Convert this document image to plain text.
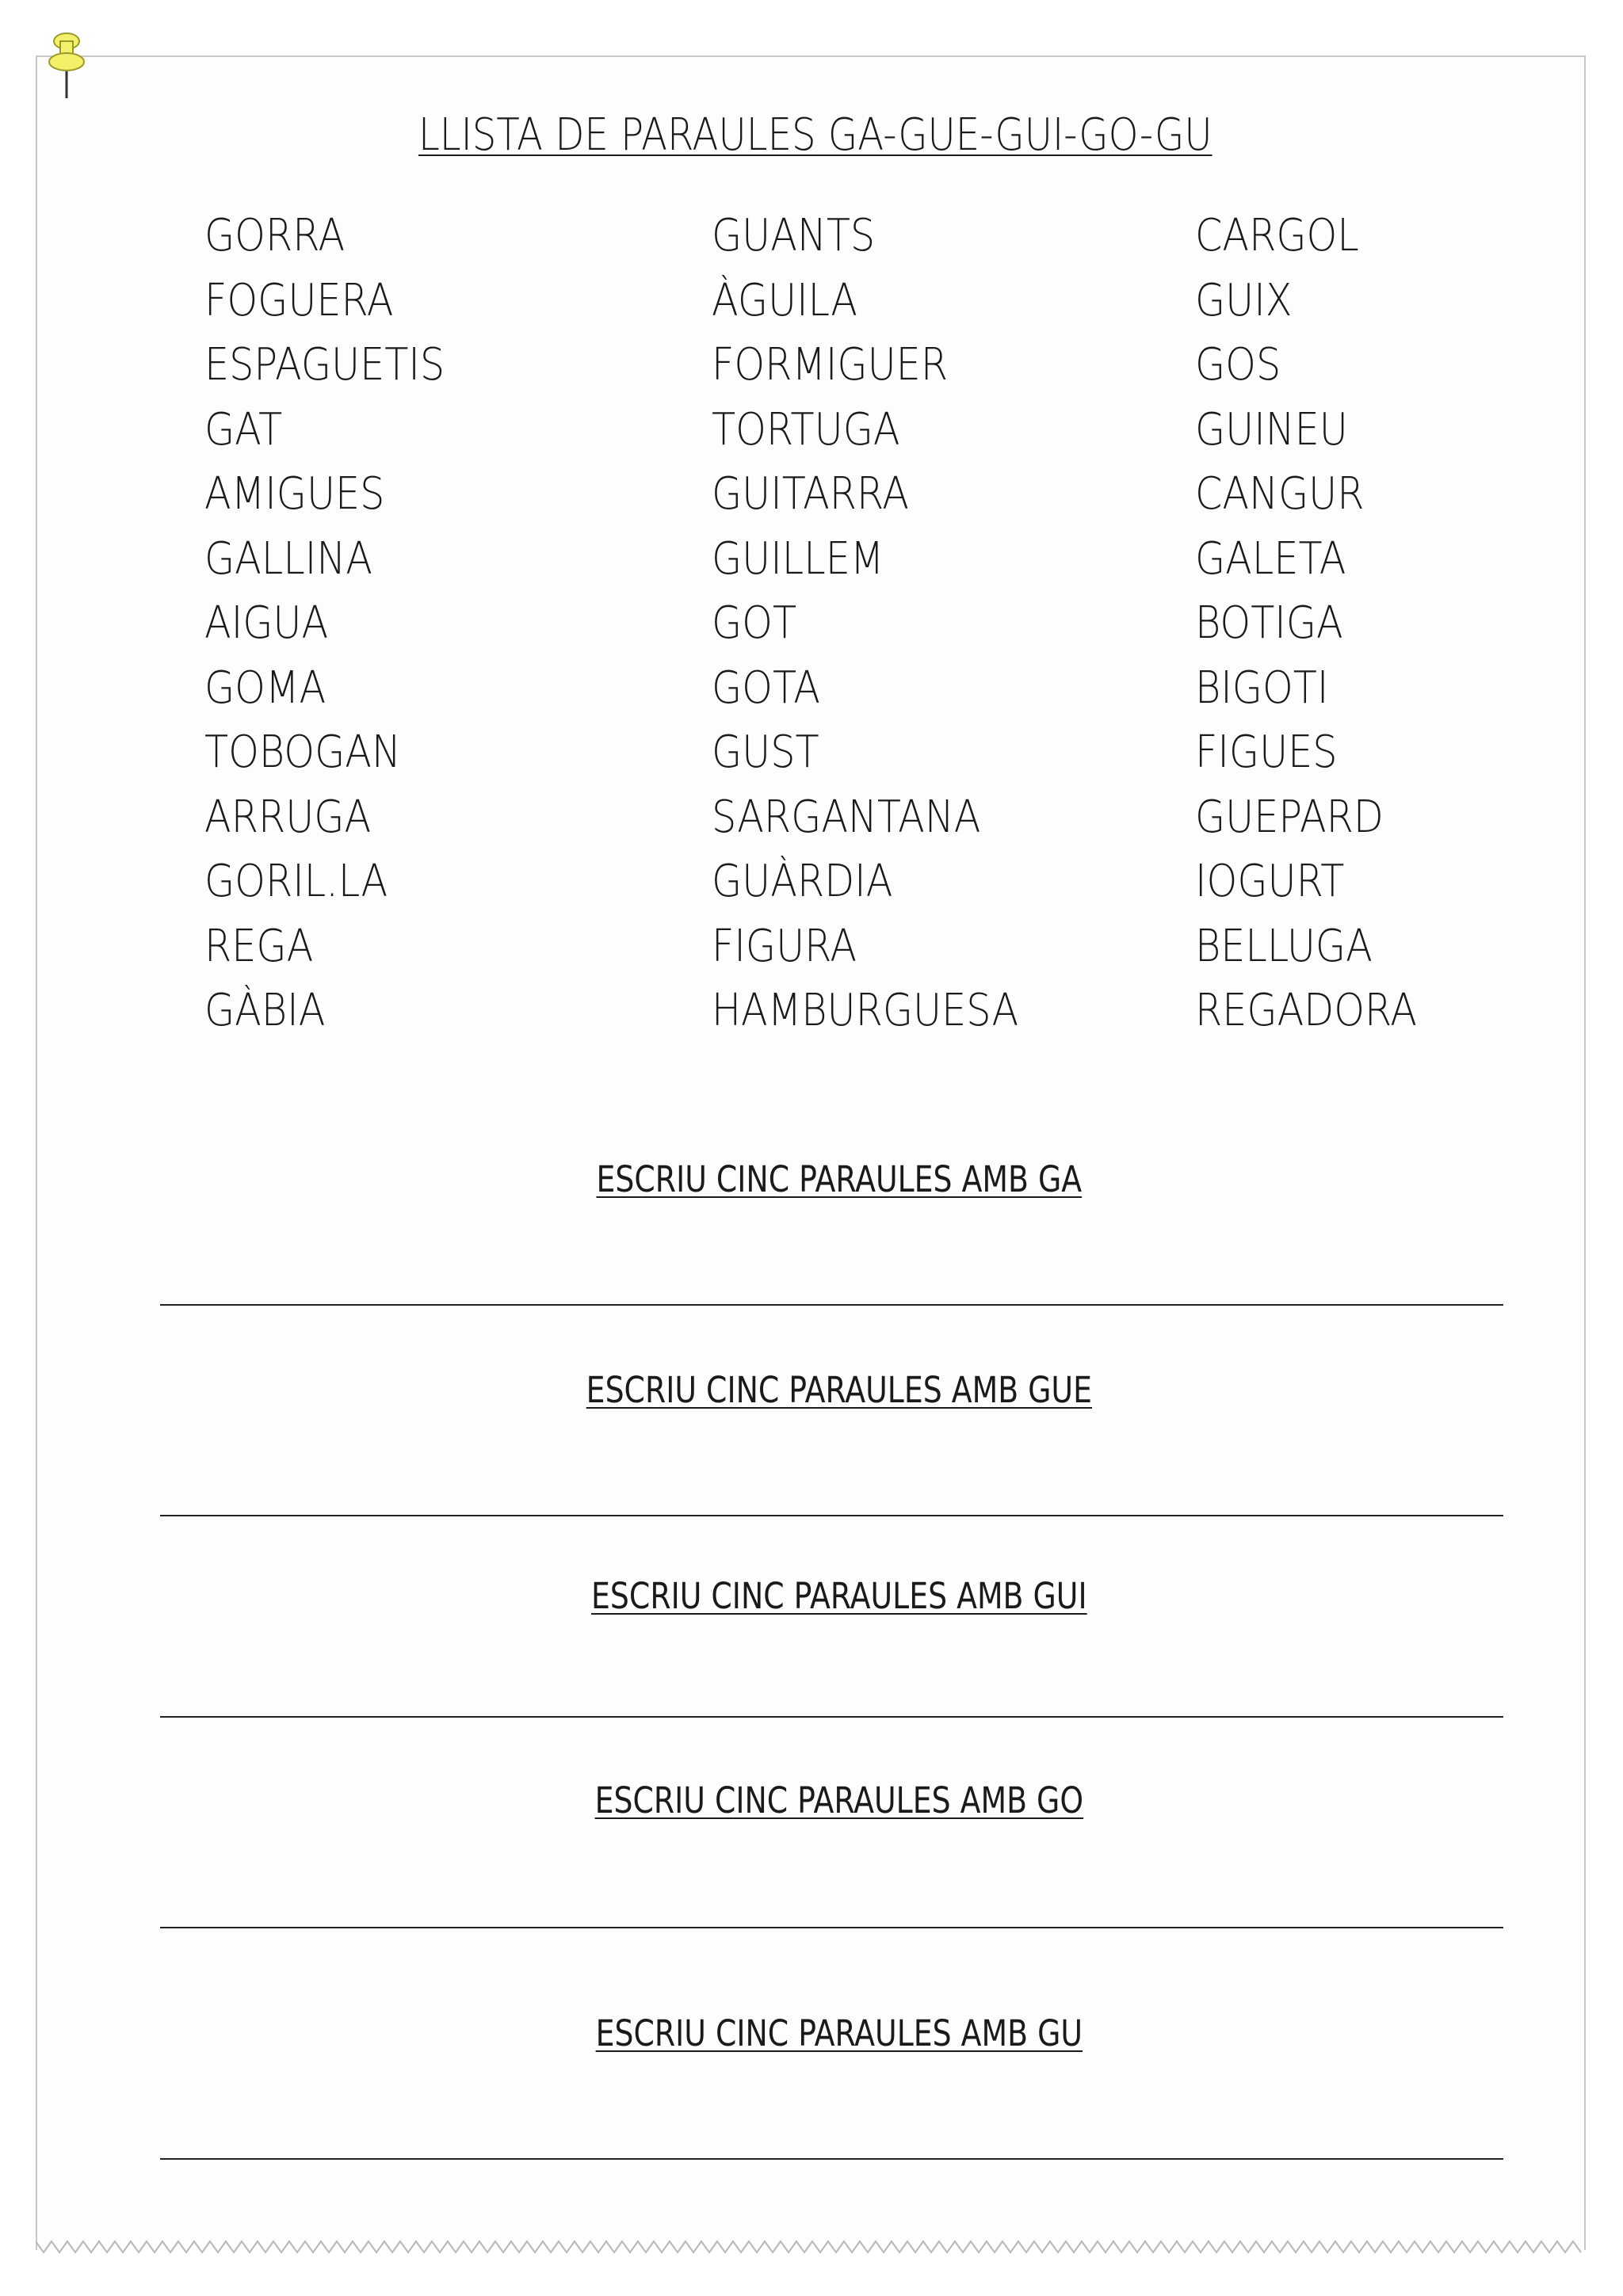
LLISTA DE PARAULES GA-GUE-GUI-GO-GU
GORRA
FOGUERA
ESPAGUETIS
GAT
AMIGUES
GALLINA
AIGUA
GOMA
TOBOGAN
ARRUGA
GORIL.LA
REGA
GÀBIA
GUANTS
ÀGUILA
FORMIGUER
TORTUGA
GUITARRA
GUILLEM
GOT
GOTA
GUST
SARGANTANA
GUÀRDIA
FIGURA
HAMBURGUESA
CARGOL
GUIX
GOS
GUINEU
CANGUR
GALETA
BOTIGA
BIGOTI
FIGUES
GUEPARD
IOGURT
BELLUGA
REGADORA
ESCRIU CINC PARAULES AMB GA
ESCRIU CINC PARAULES AMB GUE
ESCRIU CINC PARAULES AMB GUI
ESCRIU CINC PARAULES AMB GO
ESCRIU CINC PARAULES AMB GU
